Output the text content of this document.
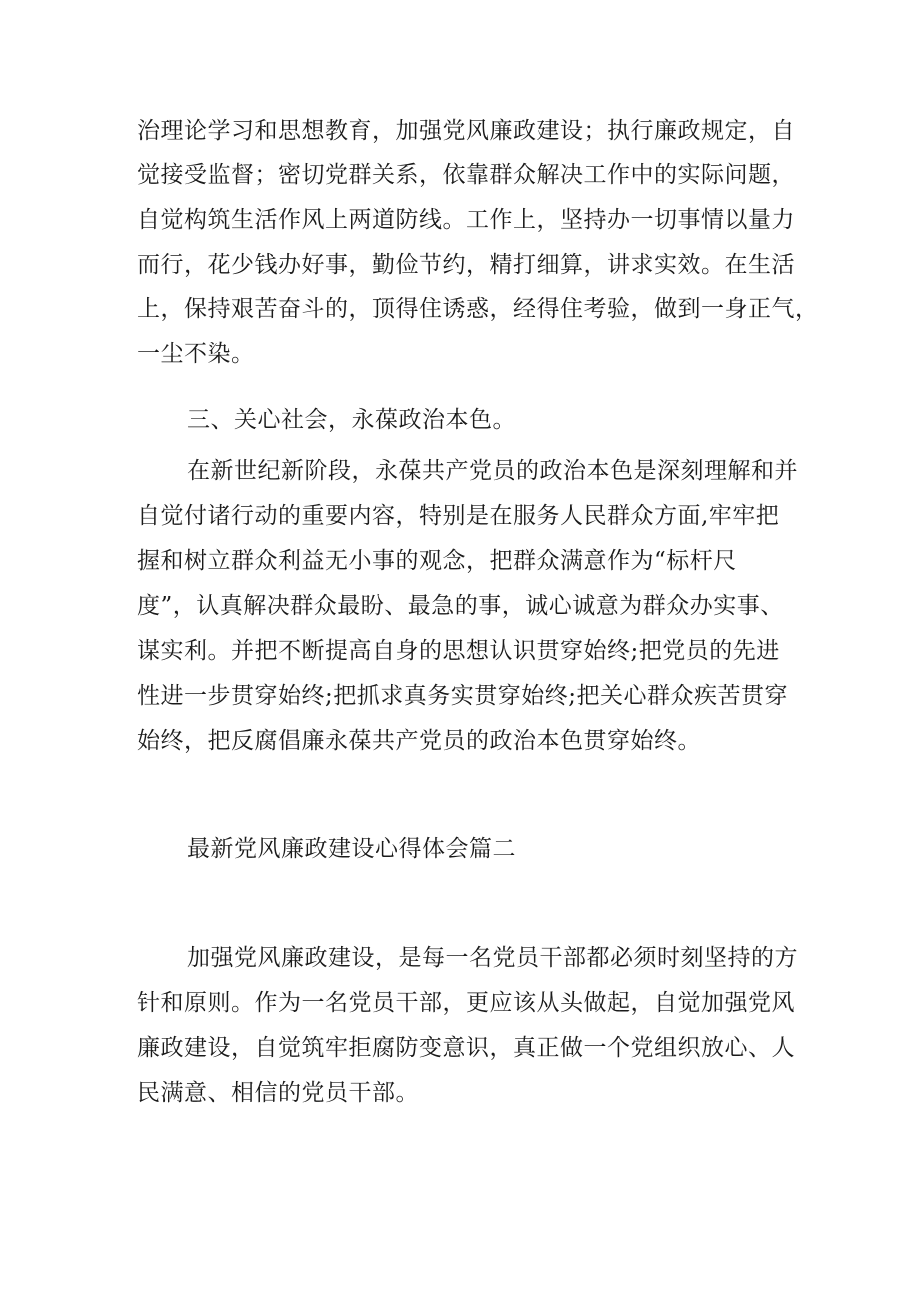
治理论学习和思想教育，加强党风廉政建设；执行廉政规定，自
觉接受监督；密切党群关系，依靠群众解决工作中的实际问题，
自觉构筑生活作风上两道防线。工作上，坚持办一切事情以量力
而行，花少钱办好事，勤俭节约，精打细算，讲求实效。在生活
上，保持艰苦奋斗的，顶得住诱惑，经得住考验，做到一身正气，
一尘不染。
三、关心社会，永葆政治本色。
在新世纪新阶段，永葆共产党员的政治本色是深刻理解和并
自觉付诸行动的重要内容，特别是在服务人民群众方面,牢牢把
握和树立群众利益无小事的观念，把群众满意作为“标杆尺
度”，认真解决群众最盼、最急的事，诚心诚意为群众办实事、
谋实利。并把不断提高自身的思想认识贯穿始终;把党员的先进
性进一步贯穿始终;把抓求真务实贯穿始终;把关心群众疾苦贯穿
始终，把反腐倡廉永葆共产党员的政治本色贯穿始终。
最新党风廉政建设心得体会篇二
加强党风廉政建设，是每一名党员干部都必须时刻坚持的方
针和原则。作为一名党员干部，更应该从头做起，自觉加强党风
廉政建设，自觉筑牢拒腐防变意识，真正做一个党组织放心、人
民满意、相信的党员干部。
